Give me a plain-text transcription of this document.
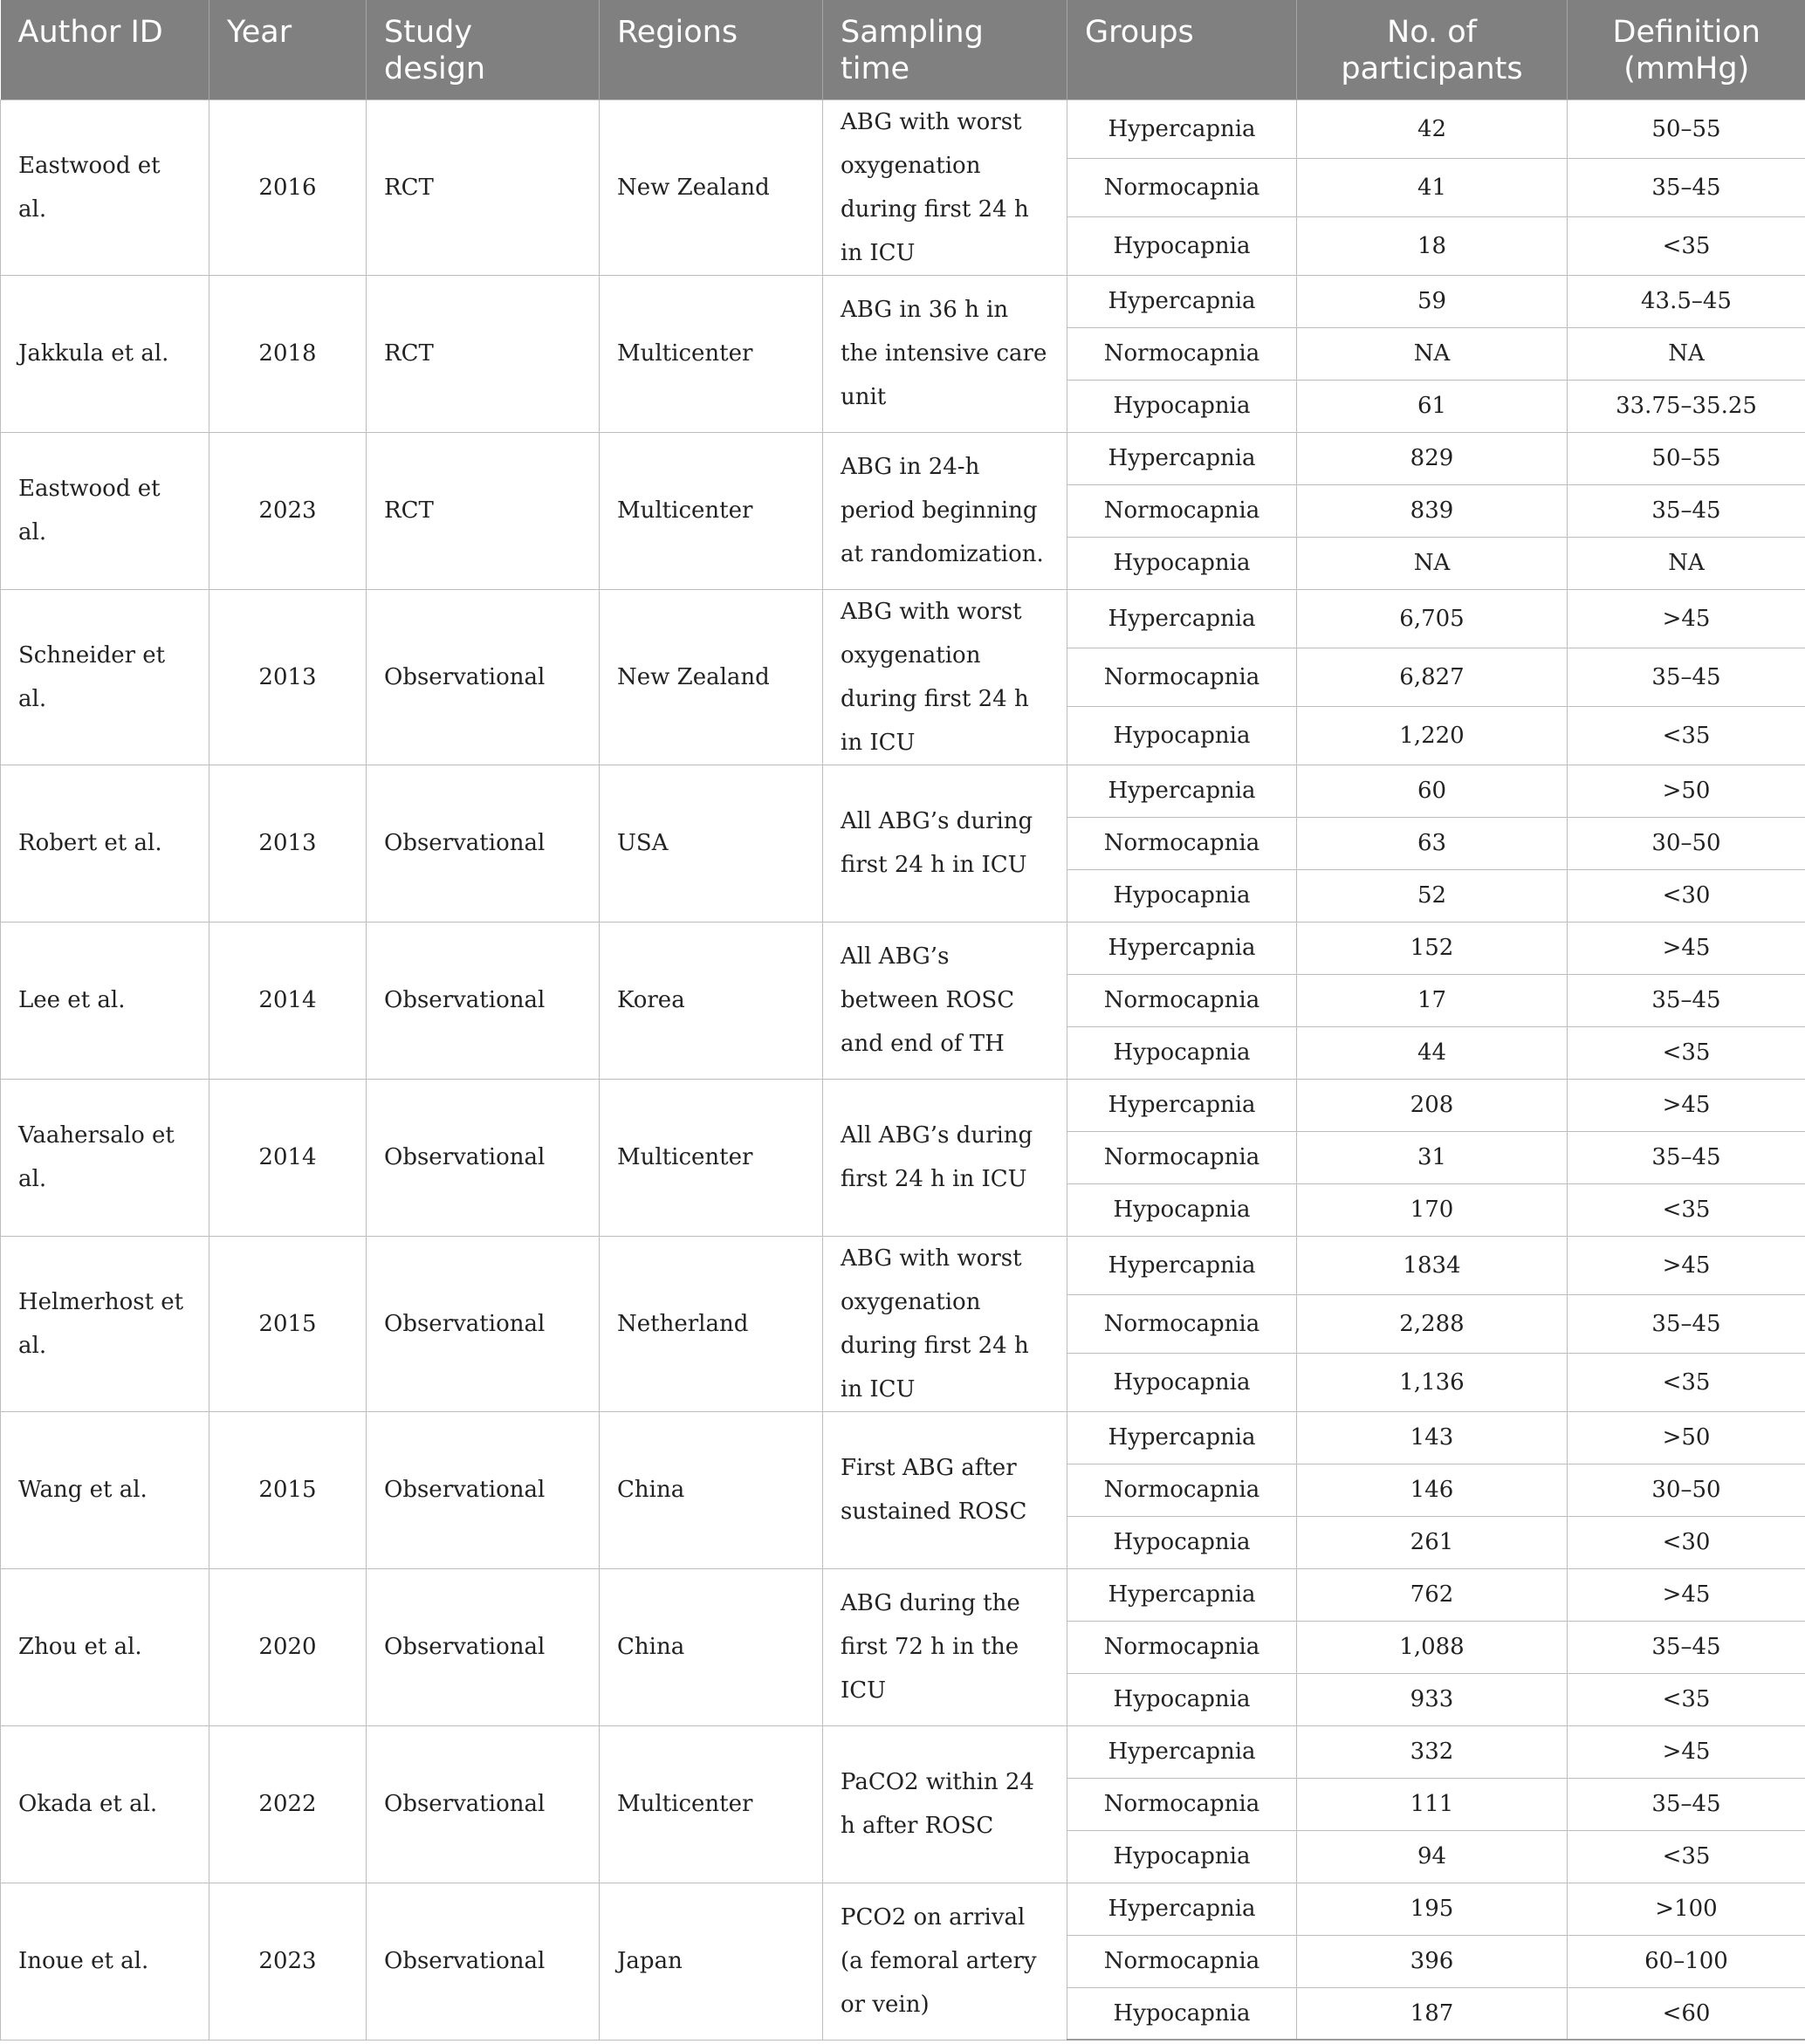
Author ID	Year	Study design	Regions	Sampling time	Groups	No. of participants	Definition (mmHg)
Eastwood et al.	2016	RCT	New Zealand	ABG with worst oxygenation during first 24 h in ICU	Hypercapnia	42	50–55
					Normocapnia	41	35–45
					Hypocapnia	18	<35
Jakkula et al.	2018	RCT	Multicenter	ABG in 36 h in the intensive care unit	Hypercapnia	59	43.5–45
					Normocapnia	NA	NA
					Hypocapnia	61	33.75–35.25
Eastwood et al.	2023	RCT	Multicenter	ABG in 24-h period beginning at randomization.	Hypercapnia	829	50–55
					Normocapnia	839	35–45
					Hypocapnia	NA	NA
Schneider et al.	2013	Observational	New Zealand	ABG with worst oxygenation during first 24 h in ICU	Hypercapnia	6,705	>45
					Normocapnia	6,827	35–45
					Hypocapnia	1,220	<35
Robert et al.	2013	Observational	USA	All ABG’s during first 24 h in ICU	Hypercapnia	60	>50
					Normocapnia	63	30–50
					Hypocapnia	52	<30
Lee et al.	2014	Observational	Korea	All ABG’s between ROSC and end of TH	Hypercapnia	152	>45
					Normocapnia	17	35–45
					Hypocapnia	44	<35
Vaahersalo et al.	2014	Observational	Multicenter	All ABG’s during first 24 h in ICU	Hypercapnia	208	>45
					Normocapnia	31	35–45
					Hypocapnia	170	<35
Helmerhost et al.	2015	Observational	Netherland	ABG with worst oxygenation during first 24 h in ICU	Hypercapnia	1834	>45
					Normocapnia	2,288	35–45
					Hypocapnia	1,136	<35
Wang et al.	2015	Observational	China	First ABG after sustained ROSC	Hypercapnia	143	>50
					Normocapnia	146	30–50
					Hypocapnia	261	<30
Zhou et al.	2020	Observational	China	ABG during the first 72 h in the ICU	Hypercapnia	762	>45
					Normocapnia	1,088	35–45
					Hypocapnia	933	<35
Okada et al.	2022	Observational	Multicenter	PaCO2 within 24 h after ROSC	Hypercapnia	332	>45
					Normocapnia	111	35–45
					Hypocapnia	94	<35
Inoue et al.	2023	Observational	Japan	PCO2 on arrival (a femoral artery or vein)	Hypercapnia	195	>100
					Normocapnia	396	60–100
					Hypocapnia	187	<60
